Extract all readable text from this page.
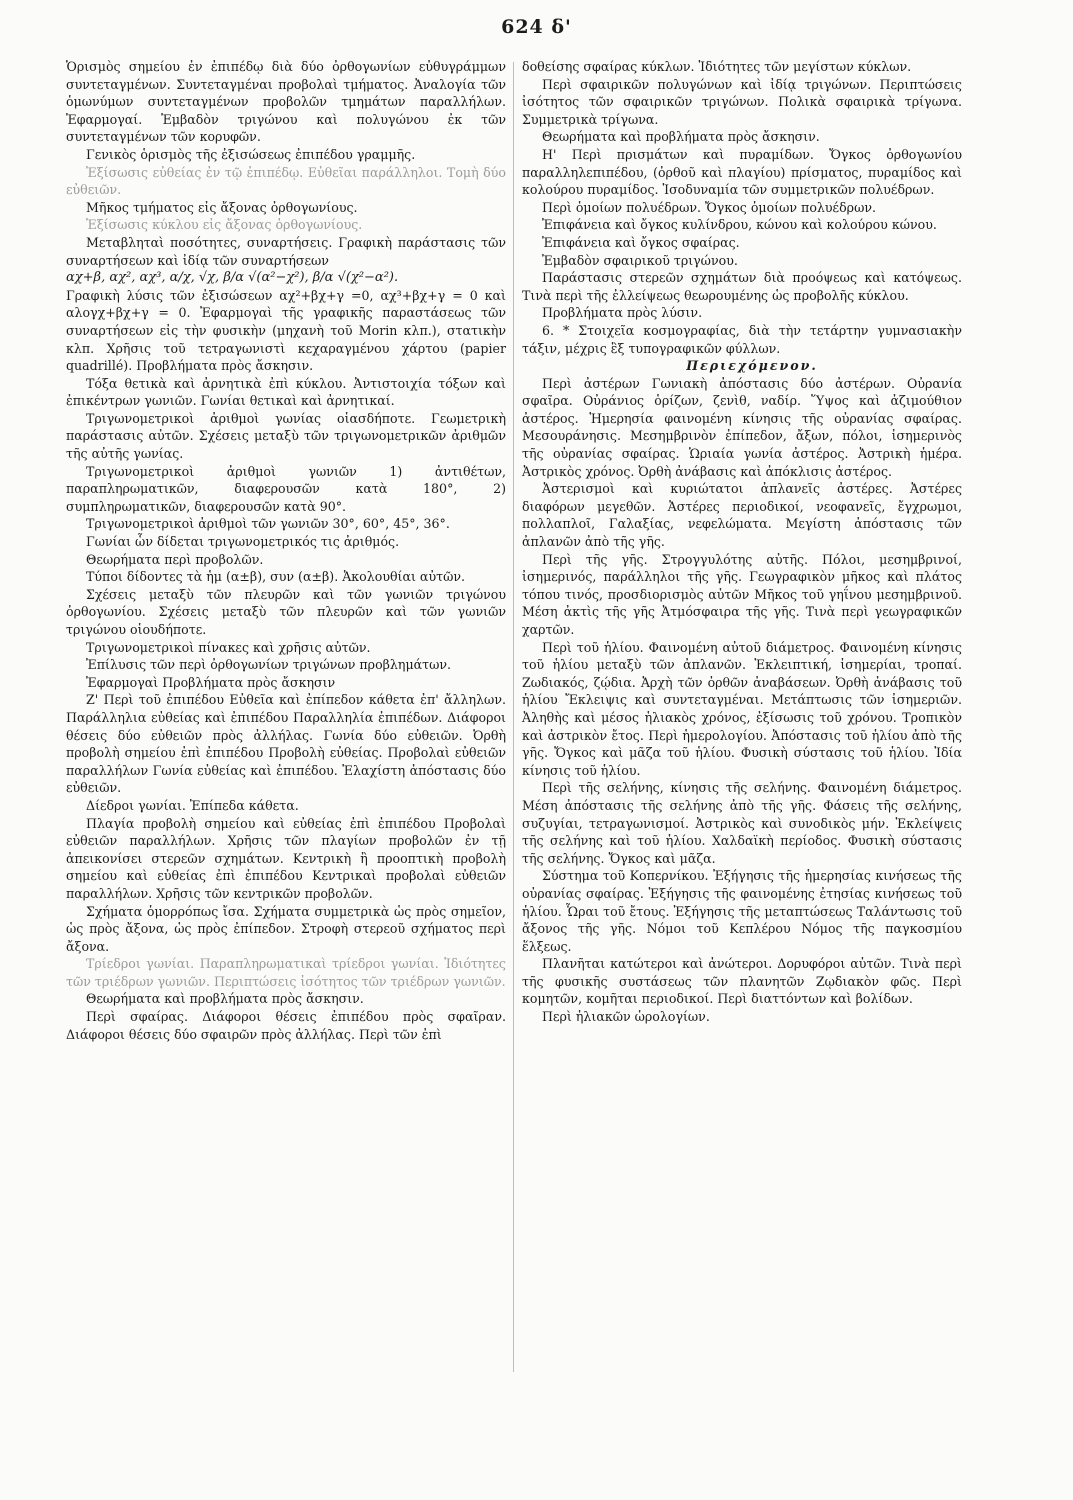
624 δ'

Ὁρισμὸς σημείου ἐν ἐπιπέδῳ διὰ δύο ὀρθογωνίων εὐθυγράμμων συντεταγμένων. Συντεταγμέναι προβολαὶ τμήματος. Ἀναλογία τῶν ὁμωνύμων συντεταγμένων προβολῶν τμημάτων παραλλήλων. Ἐφαρμογαί. Ἐμβαδὸν τριγώνου καὶ πολυγώνου ἐκ τῶν συντεταγμένων τῶν κορυφῶν.

Γενικὸς ὁρισμὸς τῆς ἐξισώσεως ἐπιπέδου γραμμῆς.

Ἐξίσωσις εὐθείας ἐν τῷ ἐπιπέδῳ. Εὐθεῖαι παράλληλοι. Τομὴ δύο εὐθειῶν.

Μῆκος τμήματος εἰς ἄξονας ὀρθογωνίους.

Ἐξίσωσις κύκλου εἰς ἄξονας ὀρθογωνίους.

Μεταβληταὶ ποσότητες, συναρτήσεις. Γραφικὴ παράστασις τῶν συναρτήσεων καὶ ἰδίᾳ τῶν συναρτήσεων

αχ+β, αχ², αχ³, α/χ, √χ, β/α √(α²−χ²), β/α √(χ²−α²).

Γραφικὴ λύσις τῶν ἐξισώσεων αχ²+βχ+γ =0, αχ³+βχ+γ = 0 καὶ αλογχ+βχ+γ = 0. Ἐφαρμογαὶ τῆς γραφικῆς παραστάσεως τῶν συναρτήσεων εἰς τὴν φυσικὴν (μηχανὴ τοῦ Morin κλπ.), στατικὴν κλπ. Χρῆσις τοῦ τετραγωνιστὶ κεχαραγμένου χάρτου (papier quadrillé). Προβλήματα πρὸς ἄσκησιν.

Τόξα θετικὰ καὶ ἀρνητικὰ ἐπὶ κύκλου. Ἀντιστοιχία τόξων καὶ ἐπικέντρων γωνιῶν. Γωνίαι θετικαὶ καὶ ἀρνητικαί.

Τριγωνομετρικοὶ ἀριθμοὶ γωνίας οἱασδήποτε. Γεωμετρικὴ παράστασις αὐτῶν. Σχέσεις μεταξὺ τῶν τριγωνομετρικῶν ἀριθμῶν τῆς αὐτῆς γωνίας.

Τριγωνομετρικοὶ ἀριθμοὶ γωνιῶν 1) ἀντιθέτων, παραπληρωματικῶν, διαφερουσῶν κατὰ 180°, 2) συμπληρωματικῶν, διαφερουσῶν κατὰ 90°.

Τριγωνομετρικοὶ ἀριθμοὶ τῶν γωνιῶν 30°, 60°, 45°, 36°.

Γωνίαι ὧν δίδεται τριγωνομετρικός τις ἀριθμός.

Θεωρήματα περὶ προβολῶν.

Τύποι δίδοντες τὰ ἡμ (α±β), συν (α±β). Ἀκολουθίαι αὐτῶν.

Σχέσεις μεταξὺ τῶν πλευρῶν καὶ τῶν γωνιῶν τριγώνου ὀρθογωνίου. Σχέσεις μεταξὺ τῶν πλευρῶν καὶ τῶν γωνιῶν τριγώνου οἱουδήποτε.

Τριγωνομετρικοὶ πίνακες καὶ χρῆσις αὐτῶν.

Ἐπίλυσις τῶν περὶ ὀρθογωνίων τριγώνων προβλημάτων.

Ἐφαρμογαὶ Προβλήματα πρὸς ἄσκησιν

Ζ' Περὶ τοῦ ἐπιπέδου Εὐθεῖα καὶ ἐπίπεδον κάθετα ἐπ' ἄλληλων. Παράλληλια εὐθείας καὶ ἐπιπέδου Παραλληλία ἐπιπέδων. Διάφοροι θέσεις δύο εὐθειῶν πρὸς ἀλλήλας. Γωνία δύο εὐθειῶν. Ὀρθὴ προβολὴ σημείου ἐπὶ ἐπιπέδου Προβολὴ εὐθείας. Προβολαὶ εὐθειῶν παραλλήλων Γωνία εὐθείας καὶ ἐπιπέδου. Ἐλαχίστη ἀπόστασις δύο εὐθειῶν.

Δίεδροι γωνίαι. Ἐπίπεδα κάθετα.

Πλαγία προβολὴ σημείου καὶ εὐθείας ἐπὶ ἐπιπέδου Προβολαὶ εὐθειῶν παραλλήλων. Χρῆσις τῶν πλαγίων προβολῶν ἐν τῇ ἀπεικονίσει στερεῶν σχημάτων. Κεντρικὴ ἢ προοπτικὴ προβολὴ σημείου καὶ εὐθείας ἐπὶ ἐπιπέδου Κεντρικαὶ προβολαὶ εὐθειῶν παραλλήλων. Χρῆσις τῶν κεντρικῶν προβολῶν.

Σχήματα ὁμορρόπως ἴσα. Σχήματα συμμετρικὰ ὡς πρὸς σημεῖον, ὡς πρὸς ἄξονα, ὡς πρὸς ἐπίπεδον. Στροφὴ στερεοῦ σχήματος περὶ ἄξονα.

Τρίεδροι γωνίαι. Παραπληρωματικαὶ τρίεδροι γωνίαι. Ἰδιότητες τῶν τριέδρων γωνιῶν. Περιπτώσεις ἰσότητος τῶν τριέδρων γωνιῶν.

Θεωρήματα καὶ προβλήματα πρὸς ἄσκησιν.

Περὶ σφαίρας. Διάφοροι θέσεις ἐπιπέδου πρὸς σφαῖραν. Διάφοροι θέσεις δύο σφαιρῶν πρὸς ἀλλήλας. Περὶ τῶν ἐπὶ

δοθείσης σφαίρας κύκλων. Ἰδιότητες τῶν μεγίστων κύκλων.

Περὶ σφαιρικῶν πολυγώνων καὶ ἰδίᾳ τριγώνων. Περιπτώσεις ἰσότητος τῶν σφαιρικῶν τριγώνων. Πολικὰ σφαιρικὰ τρίγωνα. Συμμετρικὰ τρίγωνα.

Θεωρήματα καὶ προβλήματα πρὸς ἄσκησιν.

Η' Περὶ πρισμάτων καὶ πυραμίδων. Ὄγκος ὀρθογωνίου παραλληλεπιπέδου, (ὀρθοῦ καὶ πλαγίου) πρίσματος, πυραμίδος καὶ κολούρου πυραμίδος. Ἰσοδυναμία τῶν συμμετρικῶν πολυέδρων.

Περὶ ὁμοίων πολυέδρων. Ὄγκος ὁμοίων πολυέδρων.

Ἐπιφάνεια καὶ ὄγκος κυλίνδρου, κώνου καὶ κολούρου κώνου.

Ἐπιφάνεια καὶ ὄγκος σφαίρας.

Ἐμβαδὸν σφαιρικοῦ τριγώνου.

Παράστασις στερεῶν σχημάτων διὰ προόψεως καὶ κατόψεως. Τινὰ περὶ τῆς ἐλλείψεως θεωρουμένης ὡς προβολῆς κύκλου.

Προβλήματα πρὸς λύσιν.

6. * Στοιχεῖα κοσμογραφίας, διὰ τὴν τετάρτην γυμνασιακὴν τάξιν, μέχρις ἓξ τυπογραφικῶν φύλλων.

Περιεχόμενον.

Περὶ ἀστέρων Γωνιακὴ ἀπόστασις δύο ἀστέρων. Οὐρανία σφαῖρα. Οὐράνιος ὁρίζων, ζενὶθ, ναδίρ. Ὕψος καὶ ἀζιμούθιον ἀστέρος. Ἡμερησία φαινομένη κίνησις τῆς οὐρανίας σφαίρας. Μεσουράνησις. Μεσημβρινὸν ἐπίπεδον, ἄξων, πόλοι, ἰσημερινὸς τῆς οὐρανίας σφαίρας. Ὡριαία γωνία ἀστέρος. Ἀστρικὴ ἡμέρα. Ἀστρικὸς χρόνος. Ὀρθὴ ἀνάβασις καὶ ἀπόκλισις ἀστέρος.

Ἀστερισμοὶ καὶ κυριώτατοι ἀπλανεῖς ἀστέρες. Ἀστέρες διαφόρων μεγεθῶν. Ἀστέρες περιοδικοί, νεοφανεῖς, ἔγχρωμοι, πολλαπλοῖ, Γαλαξίας, νεφελώματα. Μεγίστη ἀπόστασις τῶν ἀπλανῶν ἀπὸ τῆς γῆς.

Περὶ τῆς γῆς. Στρογγυλότης αὐτῆς. Πόλοι, μεσημβρινοί, ἰσημερινός, παράλληλοι τῆς γῆς. Γεωγραφικὸν μῆκος καὶ πλάτος τόπου τινός, προσδιορισμὸς αὐτῶν Μῆκος τοῦ γηΐνου μεσημβρινοῦ. Μέση ἀκτὶς τῆς γῆς Ἀτμόσφαιρα τῆς γῆς. Τινὰ περὶ γεωγραφικῶν χαρτῶν.

Περὶ τοῦ ἡλίου. Φαινομένη αὐτοῦ διάμετρος. Φαινομένη κίνησις τοῦ ἡλίου μεταξὺ τῶν ἀπλανῶν. Ἐκλειπτική, ἰσημερίαι, τροπαί. Ζωδιακός, ζῴδια. Ἀρχὴ τῶν ὀρθῶν ἀναβάσεων. Ὀρθὴ ἀνάβασις τοῦ ἡλίου Ἔκλειψις καὶ συντεταγμέναι. Μετάπτωσις τῶν ἰσημεριῶν. Ἀληθὴς καὶ μέσος ἡλιακὸς χρόνος, ἐξίσωσις τοῦ χρόνου. Τροπικὸν καὶ ἀστρικὸν ἔτος. Περὶ ἡμερολογίου. Ἀπόστασις τοῦ ἡλίου ἀπὸ τῆς γῆς. Ὄγκος καὶ μᾶζα τοῦ ἡλίου. Φυσικὴ σύστασις τοῦ ἡλίου. Ἰδία κίνησις τοῦ ἡλίου.

Περὶ τῆς σελήνης, κίνησις τῆς σελήνης. Φαινομένη διάμετρος. Μέση ἀπόστασις τῆς σελήνης ἀπὸ τῆς γῆς. Φάσεις τῆς σελήνης, συζυγίαι, τετραγωνισμοί. Ἀστρικὸς καὶ συνοδικὸς μήν. Ἐκλείψεις τῆς σελήνης καὶ τοῦ ἡλίου. Χαλδαϊκὴ περίοδος. Φυσικὴ σύστασις τῆς σελήνης. Ὄγκος καὶ μᾶζα.

Σύστημα τοῦ Κοπερνίκου. Ἐξήγησις τῆς ἡμερησίας κινήσεως τῆς οὐρανίας σφαίρας. Ἐξήγησις τῆς φαινομένης ἐτησίας κινήσεως τοῦ ἡλίου. Ὧραι τοῦ ἔτους. Ἐξήγησις τῆς μεταπτώσεως Ταλάντωσις τοῦ ἄξονος τῆς γῆς. Νόμοι τοῦ Κεπλέρου Νόμος τῆς παγκοσμίου ἕλξεως.

Πλανῆται κατώτεροι καὶ ἀνώτεροι. Δορυφόροι αὐτῶν. Τινὰ περὶ τῆς φυσικῆς συστάσεως τῶν πλανητῶν Ζῳδιακὸν φῶς. Περὶ κομητῶν, κομῆται περιοδικοί. Περὶ διαττόντων καὶ βολίδων.

Περὶ ἡλιακῶν ὡρολογίων.
